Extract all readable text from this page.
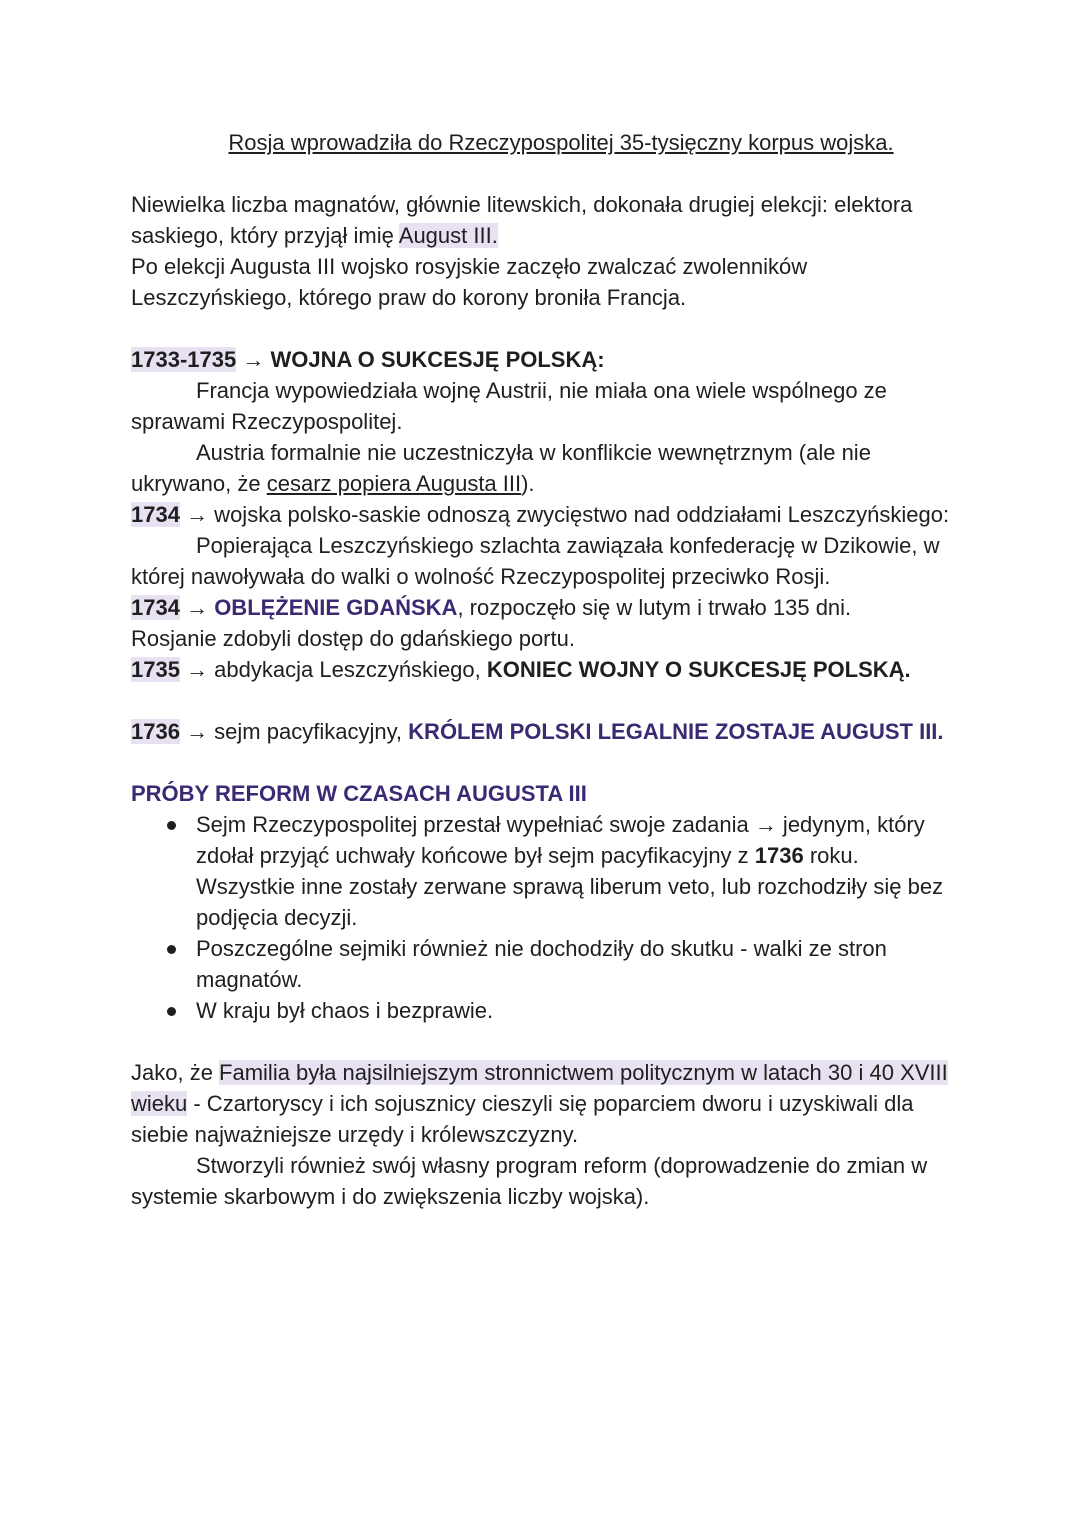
Rosja wprowadziła do Rzeczypospolitej 35-tysięczny korpus wojska.

Niewielka liczba magnatów, głównie litewskich, dokonała drugiej elekcji: elektora saskiego, który przyjął imię August III.

Po elekcji Augusta III wojsko rosyjskie zaczęło zwalczać zwolenników Leszczyńskiego, którego praw do korony broniła Francja.

1733-1735 → WOJNA O SUKCESJĘ POLSKĄ:

Francja wypowiedziała wojnę Austrii, nie miała ona wiele wspólnego ze sprawami Rzeczypospolitej.

Austria formalnie nie uczestniczyła w konflikcie wewnętrznym (ale nie ukrywano, że cesarz popiera Augusta III).

1734 → wojska polsko-saskie odnoszą zwycięstwo nad oddziałami Leszczyńskiego:

Popierająca Leszczyńskiego szlachta zawiązała konfederację w Dzikowie, w której nawoływała do walki o wolność Rzeczypospolitej przeciwko Rosji.

1734 → OBLĘŻENIE GDAŃSKA, rozpoczęło się w lutym i trwało 135 dni.

Rosjanie zdobyli dostęp do gdańskiego portu.

1735 → abdykacja Leszczyńskiego, KONIEC WOJNY O SUKCESJĘ POLSKĄ.

1736 → sejm pacyfikacyjny, KRÓLEM POLSKI LEGALNIE ZOSTAJE AUGUST III.

PRÓBY REFORM W CZASACH AUGUSTA III

Sejm Rzeczypospolitej przestał wypełniać swoje zadania → jedynym, który zdołał przyjąć uchwały końcowe był sejm pacyfikacyjny z 1736 roku. Wszystkie inne zostały zerwane sprawą liberum veto, lub rozchodziły się bez podjęcia decyzji.
Poszczególne sejmiki również nie dochodziły do skutku - walki ze stron magnatów.
W kraju był chaos i bezprawie.

Jako, że Familia była najsilniejszym stronnictwem politycznym w latach 30 i 40 XVIII wieku - Czartoryscy i ich sojusznicy cieszyli się poparciem dworu i uzyskiwali dla siebie najważniejsze urzędy i królewszczyzny.

Stworzyli również swój własny program reform (doprowadzenie do zmian w systemie skarbowym i do zwiększenia liczby wojska).
